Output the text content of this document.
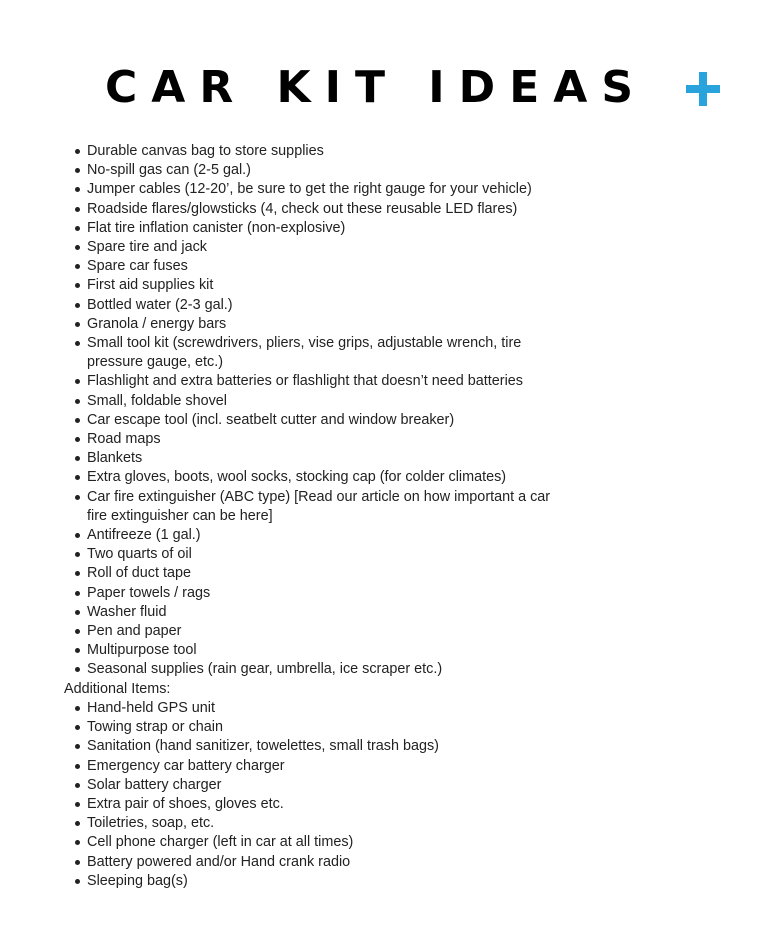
CAR KIT IDEAS
Durable canvas bag to store supplies
No-spill gas can (2-5 gal.)
Jumper cables (12-20’, be sure to get the right gauge for your vehicle)
Roadside flares/glowsticks (4, check out these reusable LED flares)
Flat tire inflation canister (non-explosive)
Spare tire and jack
Spare car fuses
First aid supplies kit
Bottled water (2-3 gal.)
Granola / energy bars
Small tool kit (screwdrivers, pliers, vise grips, adjustable wrench, tire pressure gauge, etc.)
Flashlight and extra batteries or flashlight that doesn’t need batteries
Small, foldable shovel
Car escape tool (incl. seatbelt cutter and window breaker)
Road maps
Blankets
Extra gloves, boots, wool socks, stocking cap (for colder climates)
Car fire extinguisher (ABC type) [Read our article on how important a car fire extinguisher can be here]
Antifreeze (1 gal.)
Two quarts of oil
Roll of duct tape
Paper towels / rags
Washer fluid
Pen and paper
Multipurpose tool
Seasonal supplies (rain gear, umbrella, ice scraper etc.)

Additional Items:

Hand-held GPS unit
Towing strap or chain
Sanitation (hand sanitizer, towelettes, small trash bags)
Emergency car battery charger
Solar battery charger
Extra pair of shoes, gloves etc.
Toiletries, soap, etc.
Cell phone charger (left in car at all times)
Battery powered and/or Hand crank radio
Sleeping bag(s)
